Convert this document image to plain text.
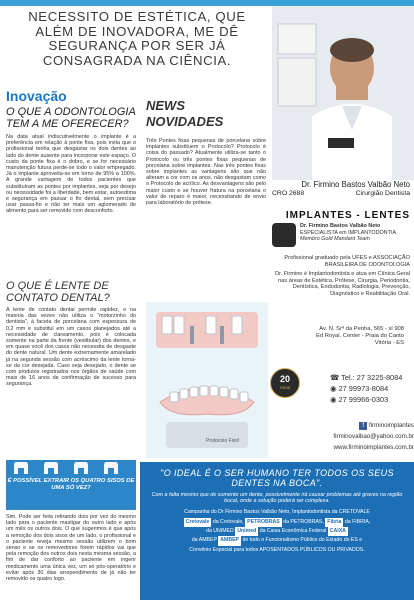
NECESSITO DE ESTÉTICA, QUE
ALÉM DE INOVADORA, ME DÊ
SEGURANÇA POR SER JÁ
CONSAGRADA NA CIÊNCIA.
Inovação
O QUE A ODONTOLOGIA TEM A ME OFERECER?
Na data atual indiscutivelmente o implante é a preferência em relação à ponte fixa, pois evita que o profissional tenha que desgastar os dois dentes ao lado do dente ausente para incorporar este espaço. O custo da ponte fixa é o dobro, e se for necessário manutenção futura perde-se todo o valor empregado. Já o implante aproveita-se em torno de 95% a 100%. A grande vantagem de todos pacientes que substituíram as pontes por implantes, seja por desejo ou necessidade foi a liberdade, bem estar, autoestima e segurança em passar o fio dental, sem precisar usar passa-fio e não ter mais um aglomerado de alimento para ser removido com desconforto.
NEWS
NOVIDADES
Três Pontes fixas pequenas de porcelana sobre implantes substituem o Protocolo? Protocolo é coisa do passado? Atualmente utiliza-se tanto o Protocolo ou três pontes fixas pequenas de porcelana sobre implantes. Nas três pontes fixas sobre implantes as vantagens são que não alteram a cor com os anos, não desgastam como o Protocolo de acrílico. As desvantagens são pelo maior custo e se houver fratura na porcelana o valor de reparo é maior, necessitando de envio para laboratório de prótese.
O QUE É LENTE DE CONTATO DENTAL?
A lente de contato dental permite rapidez, e na maioria das vezes não utiliza o "motorzinho do dentista", à faceta de porcelana com espessura de 0,2 mm e substitui em um casos planejados até a necessidade de clareamento, pois é colocada somente na parte da frente (vestibular) dos dentes, e em quase você dos casos não necessita de desgaste do dente natural. Um dente extremamente amarelado já na segunda sessão com acréscimo da lente torna-se da cor desejada. Caso seja desejado, o dente se com produtos registrados nos órgãos de saúde com mais de 16 anos de confirmação de sucesso para segurança.
Protocolo Fixo!
É POSSÍVEL EXTRAIR OS QUATRO SISOS DE UMA SÓ VEZ?
Sim. Pode ser feita retirando dois por vez do mesmo lado para o paciente mastigar do outro lado e após um mês os outros dois. O que sugerimos é que após a remoção dos dois sisos de um lado, o profissional e o paciente reveja mesmo sessão utilizem o bom senso e se os removedores forem rápidos vai que pela remoção dos outros dois nesta mesma sessão, a fim de dar conforto ao paciente em ingerir medicamento uma única vez, um só pós-operatório e evitar após 30 dias arrependimento de já não ter removido os quatro logo.
Dr. Firmino Bastos Valbão Neto
CRO 2688	Cirurgião Dentista
IMPLANTES - LENTES
Dr. Firmino Bastos Valbão Neto
ESPECIALISTA em IMPLANTODONTIA
Membro Gold Mandant Team
Profissional graduado pela UFES e ASSOCIAÇÃO BRASILEIRA DE ODONTOLOGIA
Dr. Firmino é Implantodontista e atua em Clínica Geral nas áreas de Estética, Prótese, Cirurgia, Periodontia, Dentística, Endodontia, Radiologia, Prevenção, Diagnóstico e Reabilitação Oral.
Av. N. Srª da Penha, 565 - sl 908
Ed Royal. Center - Praia do Canto
Vitória - ES
20
Anos
☎ Tel.: 27 3225-8084
◉ 27 99973-8084
◉ 27 99966-0303
f firminoimplantes
firminovalbao@yahoo.com.br
www.firminoimplantes.com.br
"O IDEAL É O SER HUMANO TER TODOS OS SEUS DENTES NA BOCA".
Com a falta mesmo que de somente um dente, possivelmente irá causar problemas até graves na região bucal, onde a solução poderá ser complexa.
Campanha do Dr Firmino Bastos Valbão Neto, Implantodontista da CRETOVALE
Cretovale da Cretovale, PETROBRAS da PETROBRAS, Fibria da FIBRIA,
da UNIMED Unimed da Caixa Econômica Federal CAIXA
da AMBEP AMBEP de todo o Funcionalismo Público do Estado do ES e
Convênio Especial para todos APOSENTADOS PÚBLICOS OU PRIVADOS.
